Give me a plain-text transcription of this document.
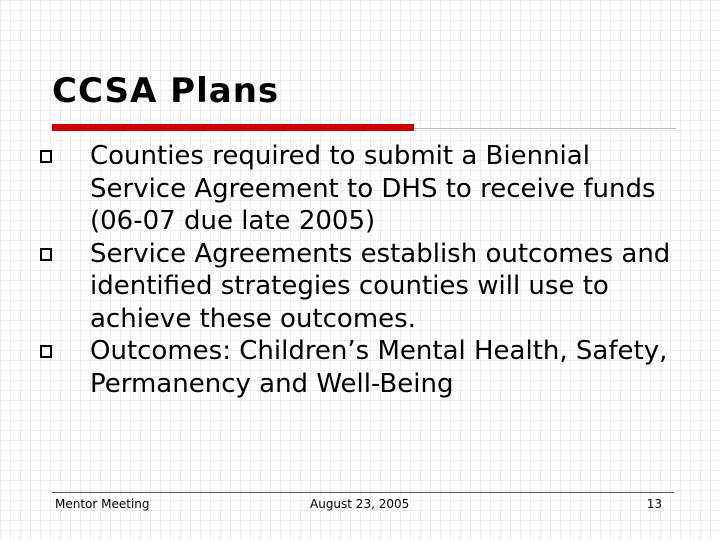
CCSA Plans
Counties required to submit a Biennial Service Agreement to DHS to receive funds (06-07 due late 2005)
Service Agreements establish outcomes and identified strategies counties will use to achieve these outcomes.
Outcomes: Children’s Mental Health, Safety, Permanency and Well-Being
Mentor Meeting	August 23, 2005	13
